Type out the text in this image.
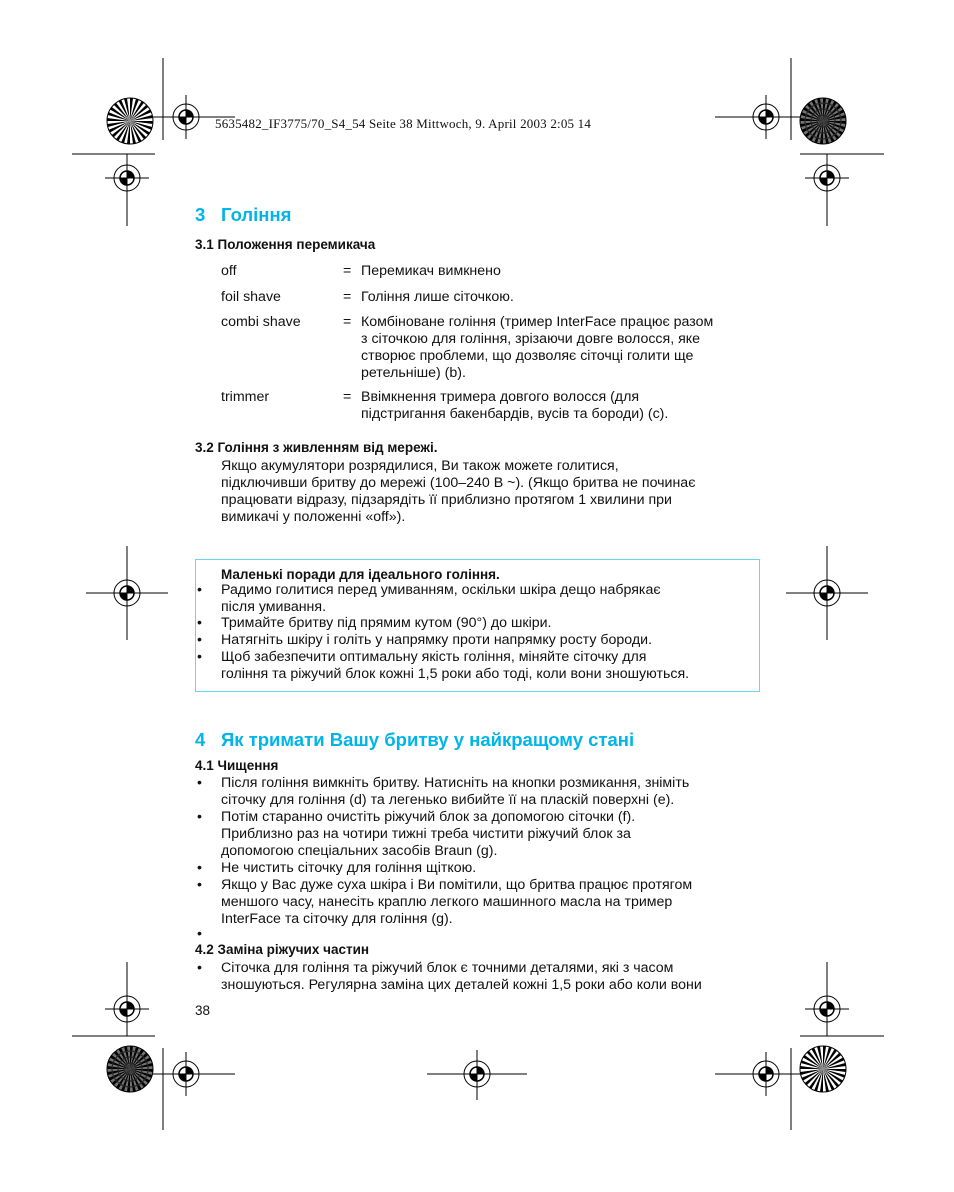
5635482_IF3775/70_S4_54 Seite 38 Mittwoch, 9. April 2003 2:05 14
3 Гоління
3.1 Положення перемикача
off	= Перемикач вимкнено
foil shave	= Гоління лише сіточкою.
combi shave	= Комбіноване гоління (тример InterFace працює разом
з сіточкою для гоління, зрізаючи довге волосся, яке
створює проблеми, що дозволяє сіточці голити ще
ретельніше) (b).
trimmer	= Ввімкнення тримера довгого волосся (для
підстригання бакенбардів, вусів та бороди) (c).
3.2 Гоління з живленням від мережі.
Якщо акумулятори розрядилися, Ви також можете голитися,
підключивши бритву до мережі (100–240 В ~). (Якщо бритва не починає
працювати відразу, підзарядіть її приблизно протягом 1 хвилини при
вимикачі у положенні «off»).
Маленькі поради для ідеального гоління.
• Радимо голитися перед умиванням, оскільки шкіра дещо набрякає
після умивання.
• Тримайте бритву під прямим кутом (90°) до шкіри.
• Натягніть шкіру і голіть у напрямку проти напрямку росту бороди.
• Щоб забезпечити оптимальну якість гоління, міняйте сіточку для
гоління та ріжучий блок кожні 1,5 роки або тоді, коли вони зношуються.
4 Як тримати Вашу бритву у найкращому стані
4.1 Чищення
• Після гоління вимкніть бритву. Натисніть на кнопки розмикання, зніміть
сіточку для гоління (d) та легенько вибийте її на пласкій поверхні (e).
• Потім старанно очистіть ріжучий блок за допомогою сіточки (f).
Приблизно раз на чотири тижні треба чистити ріжучий блок за
допомогою спеціальних засобів Braun (g).
• Не чистить сіточку для гоління щіткою.
• Якщо у Вас дуже суха шкіра і Ви помітили, що бритва працює протягом
меншого часу, нанесіть краплю легкого машинного масла на тример
InterFace та сіточку для гоління (g).
•

4.2 Заміна ріжучих частин
• Сіточка для гоління та ріжучий блок є точними деталями, які з часом
зношуються. Регулярна заміна цих деталей кожні 1,5 роки або коли вони
38
